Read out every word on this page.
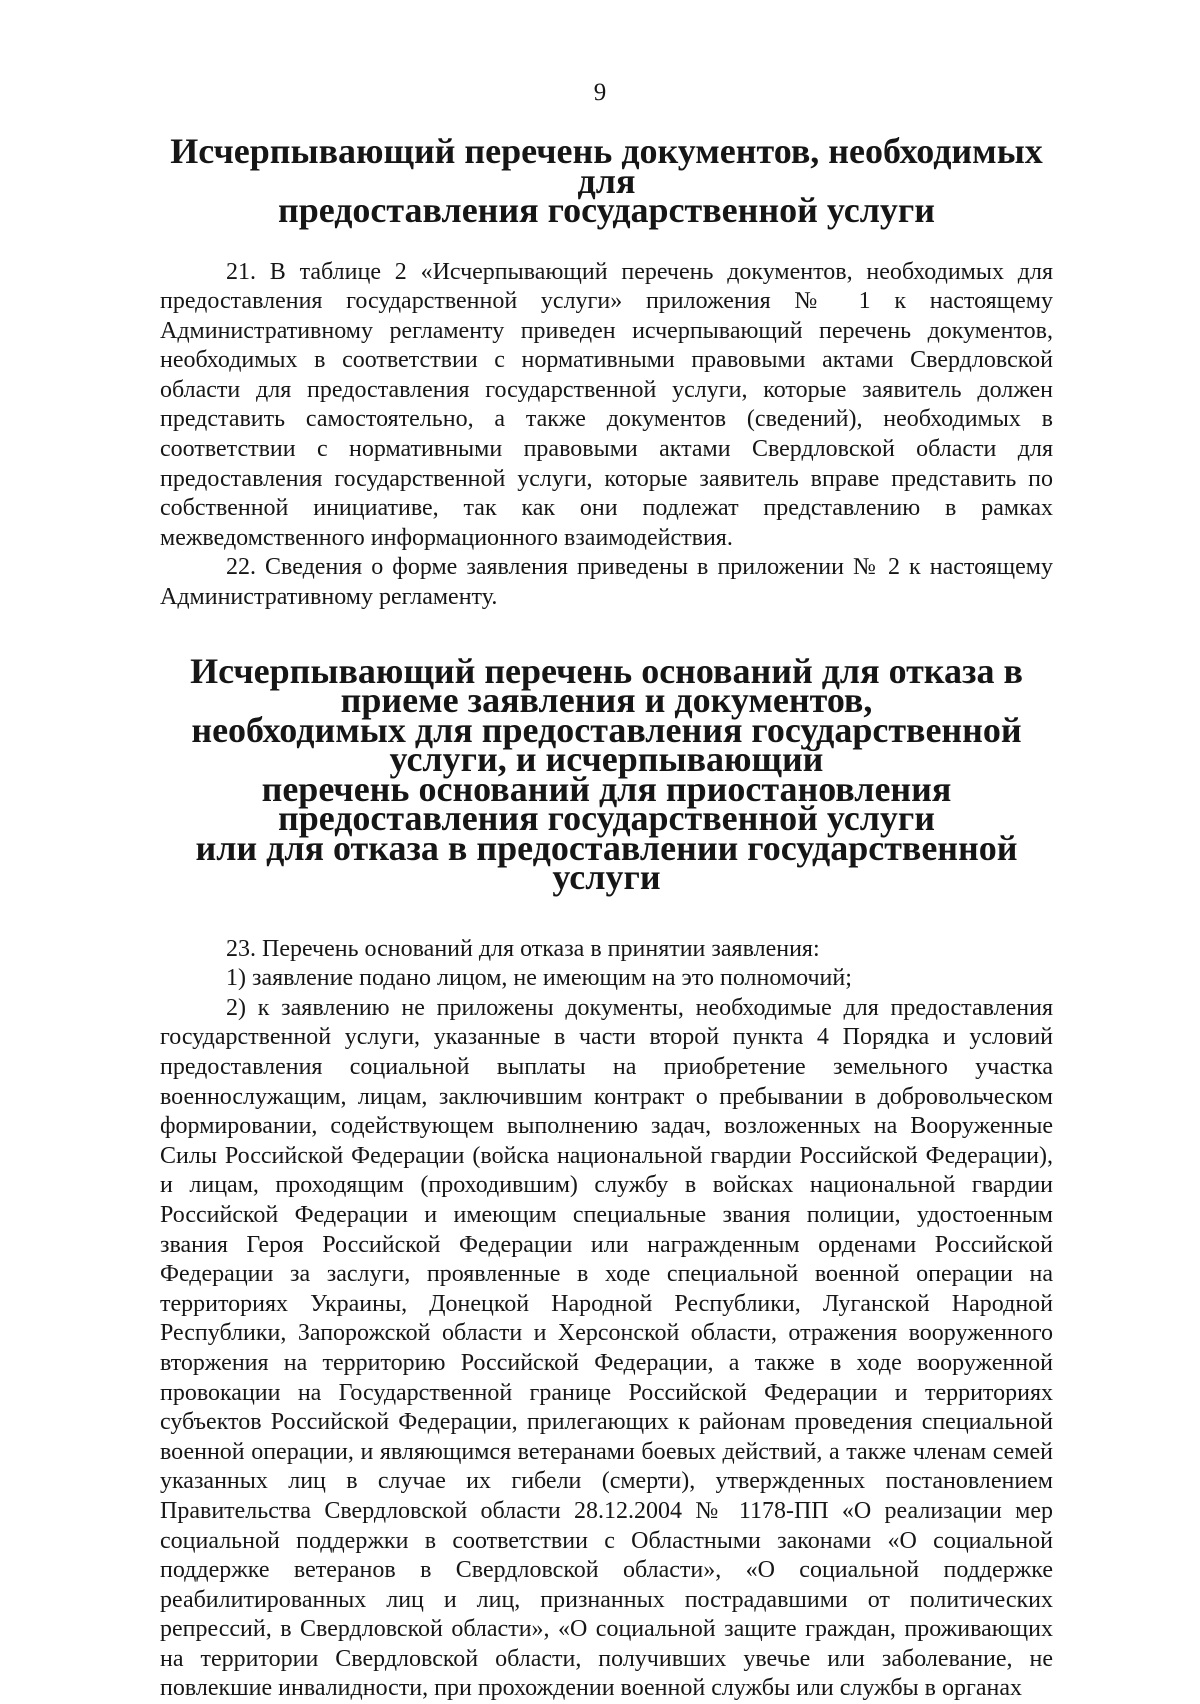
9
Исчерпывающий перечень документов, необходимых для
предоставления государственной услуги

21. В таблице 2 «Исчерпывающий перечень документов, необходимых для предоставления государственной услуги» приложения № 1 к настоящему Административному регламенту приведен исчерпывающий перечень документов, необходимых в соответствии с нормативными правовыми актами Свердловской области для предоставления государственной услуги, которые заявитель должен представить самостоятельно, а также документов (сведений), необходимых в соответствии с нормативными правовыми актами Свердловской области для предоставления государственной услуги, которые заявитель вправе представить по собственной инициативе, так как они подлежат представлению в рамках межведомственного информационного взаимодействия.

22. Сведения о форме заявления приведены в приложении № 2 к настоящему Административному регламенту.

Исчерпывающий перечень оснований для отказа в приеме заявления и документов,
необходимых для предоставления государственной услуги, и исчерпывающий
перечень оснований для приостановления предоставления государственной услуги
или для отказа в предоставлении государственной услуги

23. Перечень оснований для отказа в принятии заявления:

1) заявление подано лицом, не имеющим на это полномочий;

2) к заявлению не приложены документы, необходимые для предоставления государственной услуги, указанные в части второй пункта 4 Порядка и условий предоставления социальной выплаты на приобретение земельного участка военнослужащим, лицам, заключившим контракт о пребывании в добровольческом формировании, содействующем выполнению задач, возложенных на Вооруженные Силы Российской Федерации (войска национальной гвардии Российской Федерации), и лицам, проходящим (проходившим) службу в войсках национальной гвардии Российской Федерации и имеющим специальные звания полиции, удостоенным звания Героя Российской Федерации или награжденным орденами Российской Федерации за заслуги, проявленные в ходе специальной военной операции на территориях Украины, Донецкой Народной Республики, Луганской Народной Республики, Запорожской области и Херсонской области, отражения вооруженного вторжения на территорию Российской Федерации, а также в ходе вооруженной провокации на Государственной границе Российской Федерации и территориях субъектов Российской Федерации, прилегающих к районам проведения специальной военной операции, и являющимся ветеранами боевых действий, а также членам семей указанных лиц в случае их гибели (смерти), утвержденных постановлением Правительства Свердловской области 28.12.2004 № 1178-ПП «О реализации мер социальной поддержки в соответствии с Областными законами «О социальной поддержке ветеранов в Свердловской области», «О социальной поддержке реабилитированных лиц и лиц, признанных пострадавшими от политических репрессий, в Свердловской области», «О социальной защите граждан, проживающих на территории Свердловской области, получивших увечье или заболевание, не повлекшие инвалидности, при прохождении военной службы или службы в органах
